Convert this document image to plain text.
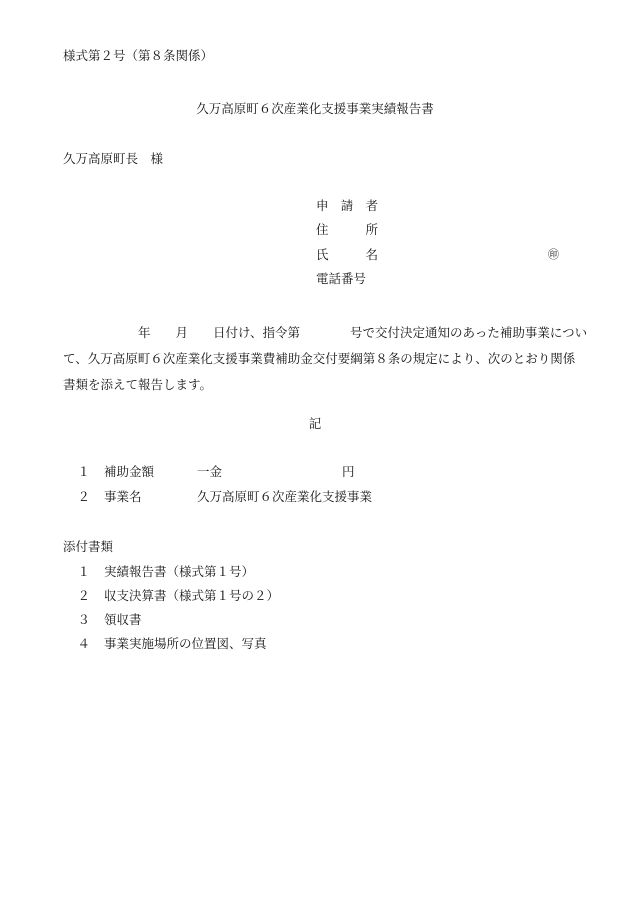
様式第２号（第８条関係）
久万高原町６次産業化支援事業実績報告書
久万高原町長　様
申請者
住所
氏名	㊞
電話番号
　　　　　　年　　月　　日付け、指令第　　　　号で交付決定通知のあった補助事業につい
て、久万高原町６次産業化支援事業費補助金交付要綱第８条の規定により、次のとおり関係
書類を添えて報告します。
記
１ 補助金額	一金	円
２ 事業名	久万高原町６次産業化支援事業
添付書類
１ 実績報告書（様式第１号）
２ 収支決算書（様式第１号の２）
３ 領収書
４ 事業実施場所の位置図、写真
